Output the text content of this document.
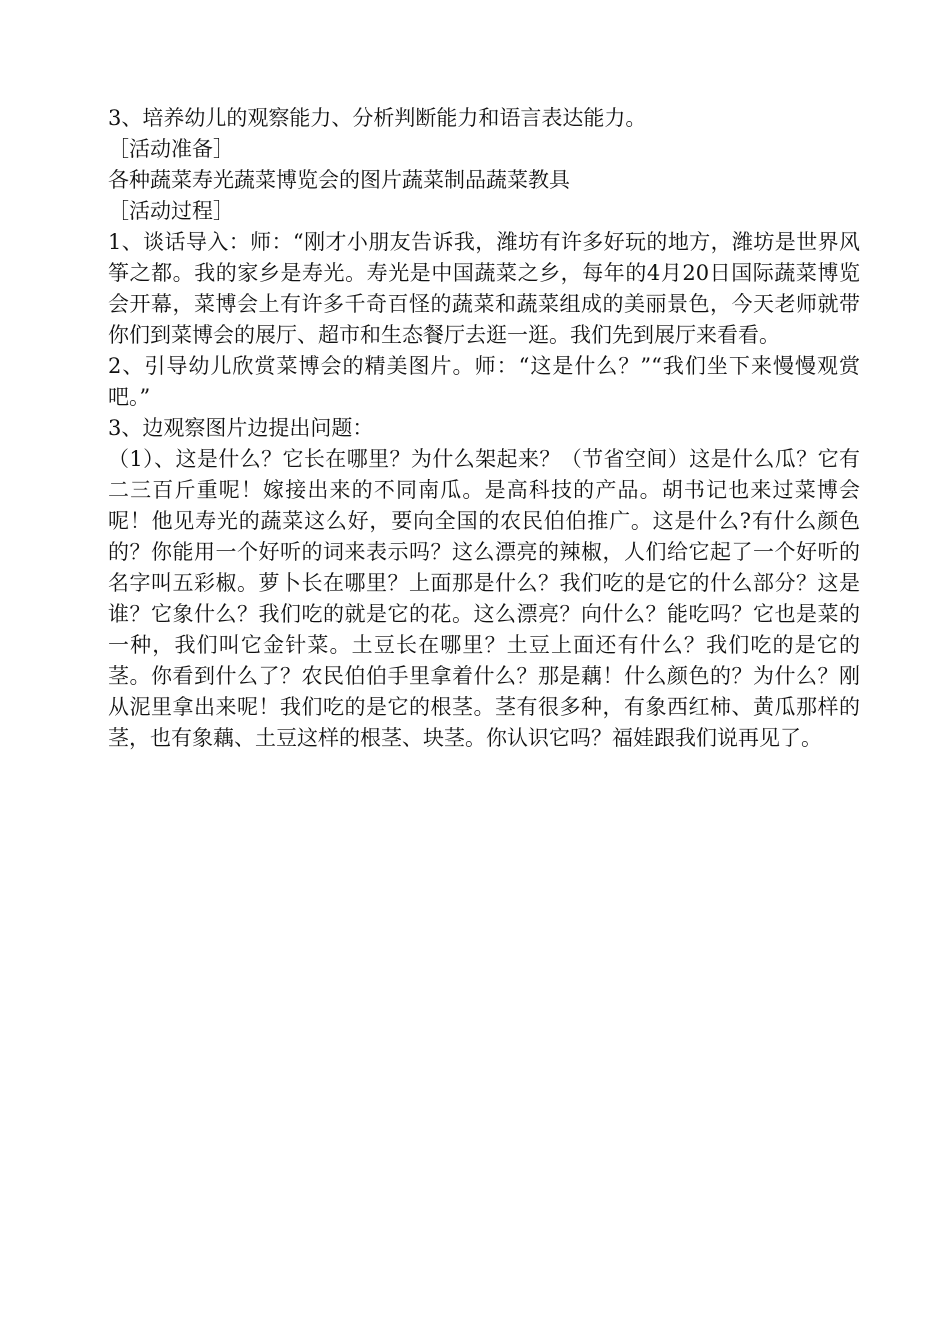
3、培养幼儿的观察能力、分析判断能力和语言表达能力。

［活动准备］

各种蔬菜寿光蔬菜博览会的图片蔬菜制品蔬菜教具

［活动过程］

1、谈话导入：师：“刚才小朋友告诉我，潍坊有许多好玩的地方，潍坊是世界风筝之都。我的家乡是寿光。寿光是中国蔬菜之乡，每年的4月20日国际蔬菜博览会开幕，菜博会上有许多千奇百怪的蔬菜和蔬菜组成的美丽景色，今天老师就带你们到菜博会的展厅、超市和生态餐厅去逛一逛。我们先到展厅来看看。

2、引导幼儿欣赏菜博会的精美图片。师：“这是什么？”“我们坐下来慢慢观赏吧。”

3、边观察图片边提出问题：

（1）、这是什么？它长在哪里？为什么架起来？（节省空间）这是什么瓜？它有二三百斤重呢！嫁接出来的不同南瓜。是高科技的产品。胡书记也来过菜博会呢！他见寿光的蔬菜这么好，要向全国的农民伯伯推广。这是什么?有什么颜色的？你能用一个好听的词来表示吗？这么漂亮的辣椒，人们给它起了一个好听的名字叫五彩椒。萝卜长在哪里？上面那是什么？我们吃的是它的什么部分？这是谁？它象什么？我们吃的就是它的花。这么漂亮？向什么？能吃吗？它也是菜的一种，我们叫它金针菜。土豆长在哪里？土豆上面还有什么？我们吃的是它的茎。你看到什么了？农民伯伯手里拿着什么？那是藕！什么颜色的？为什么？刚从泥里拿出来呢！我们吃的是它的根茎。茎有很多种，有象西红柿、黄瓜那样的茎，也有象藕、土豆这样的根茎、块茎。你认识它吗？福娃跟我们说再见了。
